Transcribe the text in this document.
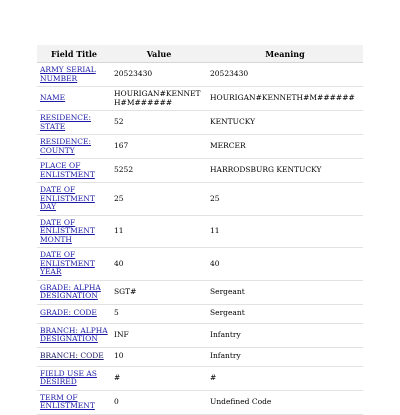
Field Title	Value	Meaning
ARMY SERIAL NUMBER	20523430	20523430
NAME	HOURIGAN#KENNETH#M######	HOURIGAN#KENNETH#M######
RESIDENCE: STATE	52	KENTUCKY
RESIDENCE: COUNTY	167	MERCER
PLACE OF ENLISTMENT	5252	HARRODSBURG KENTUCKY
DATE OF ENLISTMENT DAY	25	25
DATE OF ENLISTMENT MONTH	11	11
DATE OF ENLISTMENT YEAR	40	40
GRADE: ALPHA DESIGNATION	SGT#	Sergeant
GRADE: CODE	5	Sergeant
BRANCH: ALPHA DESIGNATION	INF	Infantry
BRANCH: CODE	10	Infantry
FIELD USE AS DESIRED	#	#
TERM OF ENLISTMENT	0	Undefined Code
